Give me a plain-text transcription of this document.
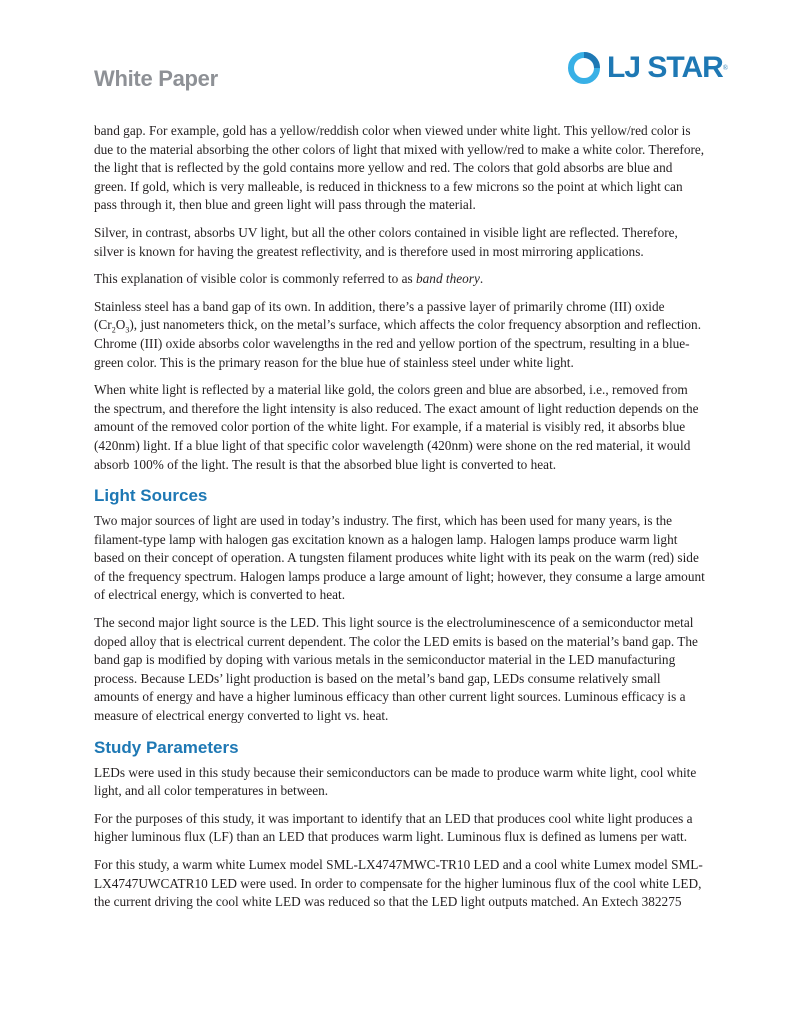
White Paper	LJ STAR ®

band gap. For example, gold has a yellow/reddish color when viewed under white light. This yellow/red color is due to the material absorbing the other colors of light that mixed with yellow/red to make a white color. Therefore, the light that is reflected by the gold contains more yellow and red. The colors that gold absorbs are blue and green. If gold, which is very malleable, is reduced in thickness to a few microns so the point at which light can pass through it, then blue and green light will pass through the material.

Silver, in contrast, absorbs UV light, but all the other colors contained in visible light are reflected. Therefore, silver is known for having the greatest reflectivity, and is therefore used in most mirroring applications.

This explanation of visible color is commonly referred to as band theory.

Stainless steel has a band gap of its own. In addition, there’s a passive layer of primarily chrome (III) oxide $(Cr_2O_3)$, just nanometers thick, on the metal’s surface, which affects the color frequency absorption and reflection. Chrome (III) oxide absorbs color wavelengths in the red and yellow portion of the spectrum, resulting in a blue-green color. This is the primary reason for the blue hue of stainless steel under white light.

When white light is reflected by a material like gold, the colors green and blue are absorbed, i.e., removed from the spectrum, and therefore the light intensity is also reduced. The exact amount of light reduction depends on the amount of the removed color portion of the white light. For example, if a material is visibly red, it absorbs blue (420nm) light. If a blue light of that specific color wavelength (420nm) were shone on the red material, it would absorb 100% of the light. The result is that the absorbed blue light is converted to heat.

Light Sources

Two major sources of light are used in today’s industry. The first, which has been used for many years, is the filament-type lamp with halogen gas excitation known as a halogen lamp. Halogen lamps produce warm light based on their concept of operation. A tungsten filament produces white light with its peak on the warm (red) side of the frequency spectrum. Halogen lamps produce a large amount of light; however, they consume a large amount of electrical energy, which is converted to heat.

The second major light source is the LED. This light source is the electroluminescence of a semiconductor metal doped alloy that is electrical current dependent. The color the LED emits is based on the material’s band gap. The band gap is modified by doping with various metals in the semiconductor material in the LED manufacturing process. Because LEDs’ light production is based on the metal’s band gap, LEDs consume relatively small amounts of energy and have a higher luminous efficacy than other current light sources. Luminous efficacy is a measure of electrical energy converted to light vs. heat.

Study Parameters

LEDs were used in this study because their semiconductors can be made to produce warm white light, cool white light, and all color temperatures in between.

For the purposes of this study, it was important to identify that an LED that produces cool white light produces a higher luminous flux (LF) than an LED that produces warm light. Luminous flux is defined as lumens per watt.

For this study, a warm white Lumex model SML-LX4747MWC-TR10 LED and a cool white Lumex model SML-LX4747UWCATR10 LED were used. In order to compensate for the higher luminous flux of the cool white LED, the current driving the cool white LED was reduced so that the LED light outputs matched. An Extech 382275
